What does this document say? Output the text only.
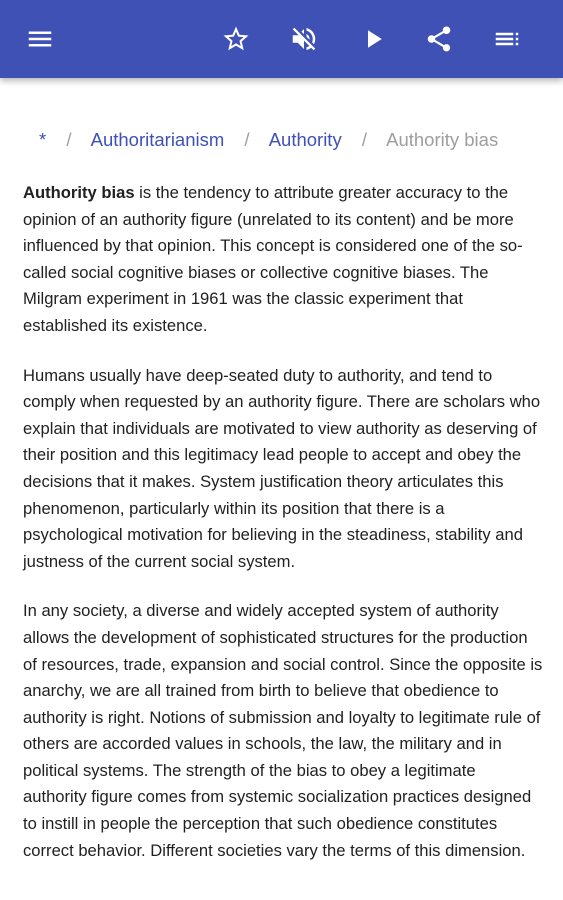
* / Authoritarianism / Authority / Authority bias

Authority bias is the tendency to attribute greater accuracy to the opinion of an authority figure (unrelated to its content) and be more influenced by that opinion. This concept is considered one of the so-called social cognitive biases or collective cognitive biases. The Milgram experiment in 1961 was the classic experiment that established its existence.

Humans usually have deep-seated duty to authority, and tend to comply when requested by an authority figure. There are scholars who explain that individuals are motivated to view authority as deserving of their position and this legitimacy lead people to accept and obey the decisions that it makes. System justification theory articulates this phenomenon, particularly within its position that there is a psychological motivation for believing in the steadiness, stability and justness of the current social system.

In any society, a diverse and widely accepted system of authority allows the development of sophisticated structures for the production of resources, trade, expansion and social control. Since the opposite is anarchy, we are all trained from birth to believe that obedience to authority is right. Notions of submission and loyalty to legitimate rule of others are accorded values in schools, the law, the military and in political systems. The strength of the bias to obey a legitimate authority figure comes from systemic socialization practices designed to instill in people the perception that such obedience constitutes correct behavior. Different societies vary the terms of this dimension.
